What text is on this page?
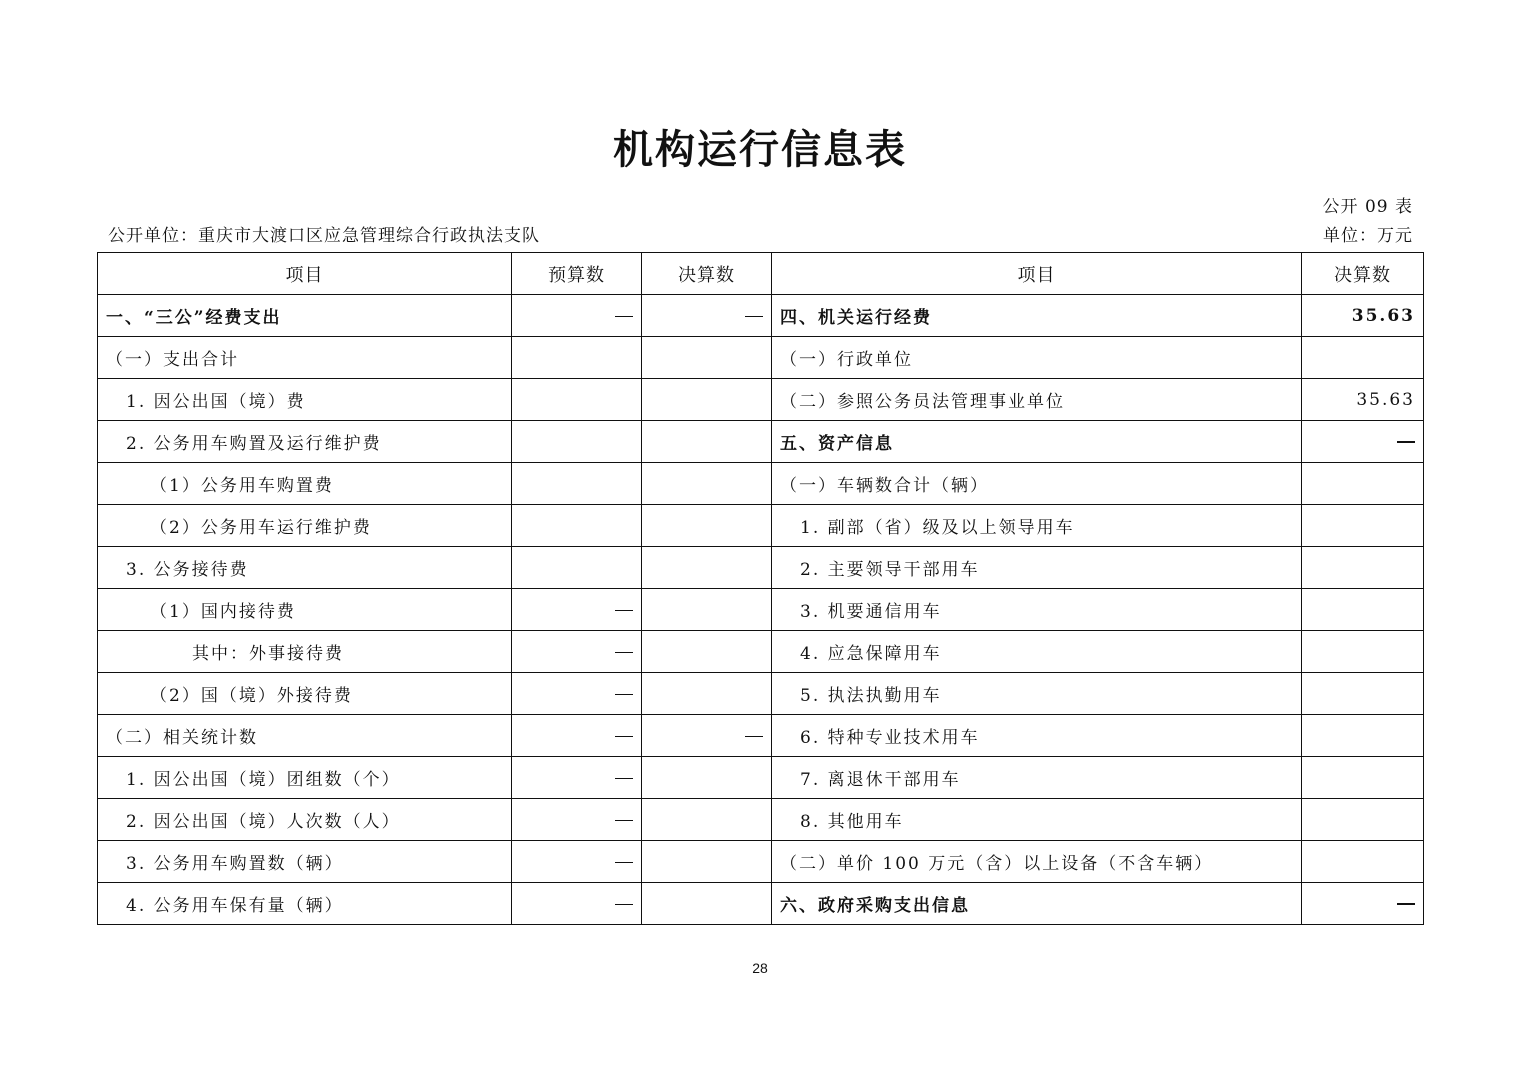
机构运行信息表
公开 09 表
公开单位：重庆市大渡口区应急管理综合行政执法支队	单位：万元
项目	预算数	决算数	项目	决算数
一、“三公”经费支出			四、机关运行经费	35.63
（一）支出合计			（一）行政单位	
1. 因公出国（境）费			（二）参照公务员法管理事业单位	35.63
2. 公务用车购置及运行维护费			五、资产信息	
（1）公务用车购置费			（一）车辆数合计（辆）	
（2）公务用车运行维护费			1. 副部（省）级及以上领导用车	
3. 公务接待费			2. 主要领导干部用车	
（1）国内接待费			3. 机要通信用车	
其中：外事接待费			4. 应急保障用车	
（2）国（境）外接待费			5. 执法执勤用车	
（二）相关统计数			6. 特种专业技术用车	
1. 因公出国（境）团组数（个）			7. 离退休干部用车	
2. 因公出国（境）人次数（人）			8. 其他用车	
3. 公务用车购置数（辆）			（二）单价 100 万元（含）以上设备（不含车辆）	
4. 公务用车保有量（辆）			六、政府采购支出信息	
28
